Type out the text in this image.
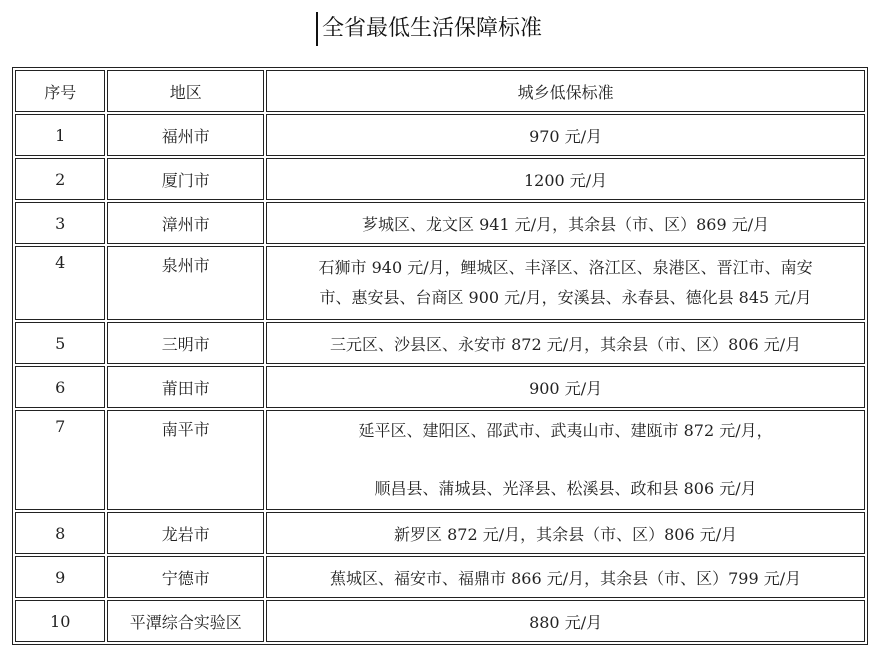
全省最低生活保障标准
序号	地区	城乡低保标准
1	福州市	970 元/月
2	厦门市	1200 元/月
3	漳州市	芗城区、龙文区 941 元/月，其余县（市、区）869 元/月
4	泉州市	石狮市 940 元/月，鲤城区、丰泽区、洛江区、泉港区、晋江市、南安
市、惠安县、台商区 900 元/月，安溪县、永春县、德化县 845 元/月

5	三明市	三元区、沙县区、永安市 872 元/月，其余县（市、区）806 元/月
6	莆田市	900 元/月
7	南平市	延平区、建阳区、邵武市、武夷山市、建瓯市 872 元/月，
顺昌县、蒲城县、光泽县、松溪县、政和县 806 元/月

8	龙岩市	新罗区 872 元/月，其余县（市、区）806 元/月
9	宁德市	蕉城区、福安市、福鼎市 866 元/月，其余县（市、区）799 元/月
10	平潭综合实验区	880 元/月
